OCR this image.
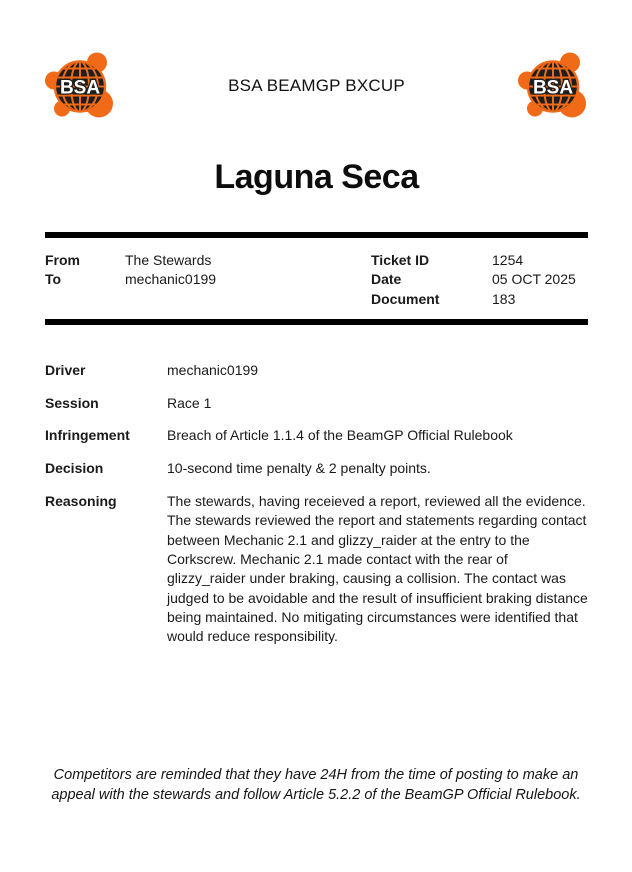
BSA	BSA BEAMGP BXCUP	BSA
Laguna Seca
From	The Stewards
To	mechanic0199
Ticket ID	1254
Date	05 OCT 2025
Document	183
Driver	mechanic0199
Session	Race 1
Infringement	Breach of Article 1.1.4 of the BeamGP Official Rulebook
Decision	10-second time penalty & 2 penalty points.
Reasoning	The stewards, having receieved a report, reviewed all the evidence. The stewards reviewed the report and statements regarding contact between Mechanic 2.1 and glizzy_raider at the entry to the Corkscrew. Mechanic 2.1 made contact with the rear of glizzy_raider under braking, causing a collision. The contact was judged to be avoidable and the result of insufficient braking distance being maintained. No mitigating circumstances were identified that would reduce responsibility.
Competitors are reminded that they have 24H from the time of posting to make an appeal with the stewards and follow Article 5.2.2 of the BeamGP Official Rulebook.
